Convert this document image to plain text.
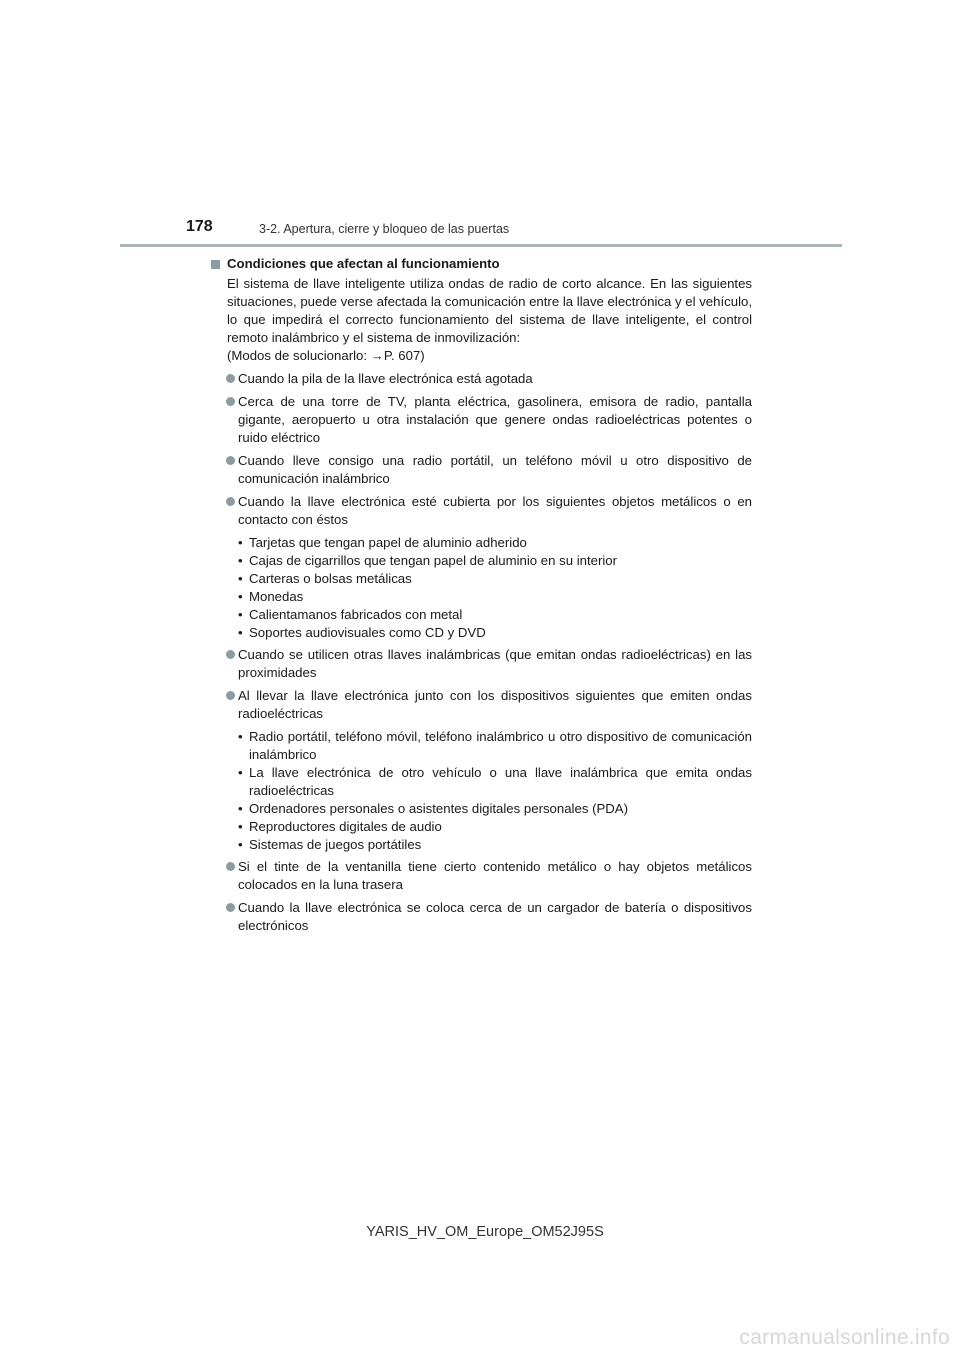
178	3-2. Apertura, cierre y bloqueo de las puertas
Condiciones que afectan al funcionamiento
El sistema de llave inteligente utiliza ondas de radio de corto alcance. En las siguientes situaciones, puede verse afectada la comunicación entre la llave electrónica y el vehículo, lo que impedirá el correcto funcionamiento del sistema de llave inteligente, el control remoto inalámbrico y el sistema de inmovilización:
(Modos de solucionarlo: →P. 607)
Cuando la pila de la llave electrónica está agotada
Cerca de una torre de TV, planta eléctrica, gasolinera, emisora de radio, pantalla gigante, aeropuerto u otra instalación que genere ondas radioeléctricas potentes o ruido eléctrico
Cuando lleve consigo una radio portátil, un teléfono móvil u otro dispositivo de comunicación inalámbrico
Cuando la llave electrónica esté cubierta por los siguientes objetos metálicos o en contacto con éstos
• Tarjetas que tengan papel de aluminio adherido
• Cajas de cigarrillos que tengan papel de aluminio en su interior
• Carteras o bolsas metálicas
• Monedas
• Calientamanos fabricados con metal
• Soportes audiovisuales como CD y DVD
Cuando se utilicen otras llaves inalámbricas (que emitan ondas radioeléctricas) en las proximidades
Al llevar la llave electrónica junto con los dispositivos siguientes que emiten ondas radioeléctricas
• Radio portátil, teléfono móvil, teléfono inalámbrico u otro dispositivo de comunicación inalámbrico
• La llave electrónica de otro vehículo o una llave inalámbrica que emita ondas radioeléctricas
• Ordenadores personales o asistentes digitales personales (PDA)
• Reproductores digitales de audio
• Sistemas de juegos portátiles
Si el tinte de la ventanilla tiene cierto contenido metálico o hay objetos metálicos colocados en la luna trasera
Cuando la llave electrónica se coloca cerca de un cargador de batería o dispositivos electrónicos
YARIS_HV_OM_Europe_OM52J95S
carmanualsonline.info
